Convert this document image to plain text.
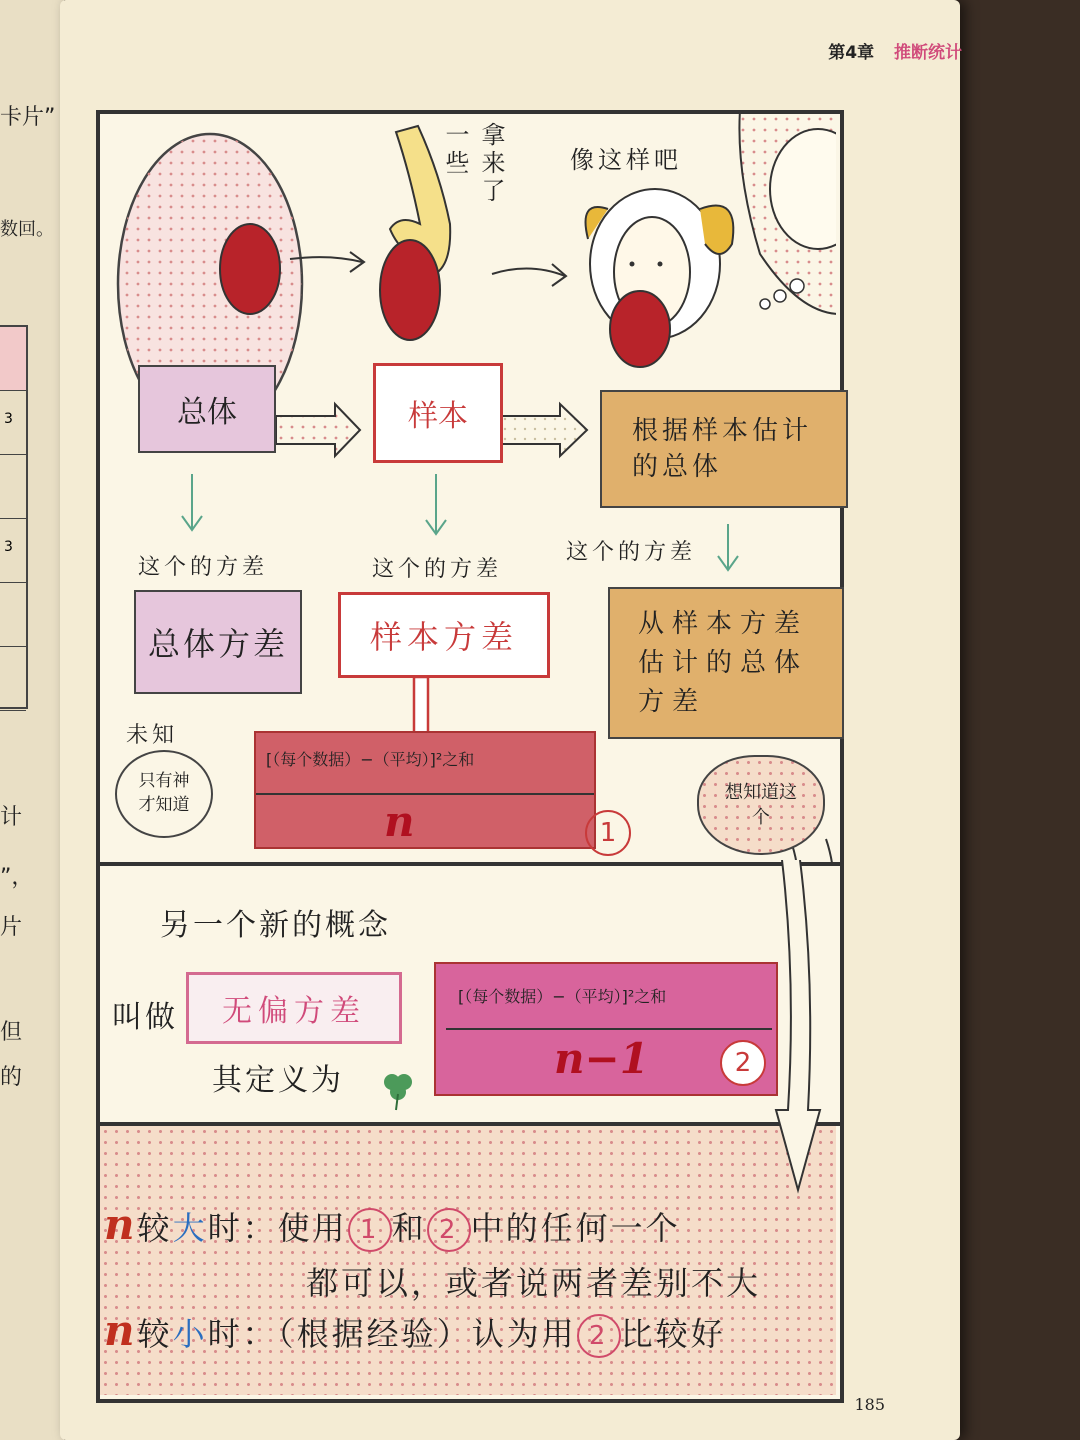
卡片”
数回。
3
3
计
”，
片
但
的
第4章 推断统计
一些 拿来了	像这样吧
总体	样本	根据样本估计的总体
这个的方差	这个的方差
这个的方差
总体方差	样本方差	从样本方差估计的总体方差
未知
只有神才知道
[（每个数据）−（平均）]²之和
n	1
想知道这个
另一个新的概念
叫做	无偏方差
其定义为
[（每个数据）−（平均）]²之和
n−1	2
n较大时：使用 1 和 2 中的任何一个
都可以，或者说两者差别不大
n较小时：（根据经验）认为用 2 比较好
185
